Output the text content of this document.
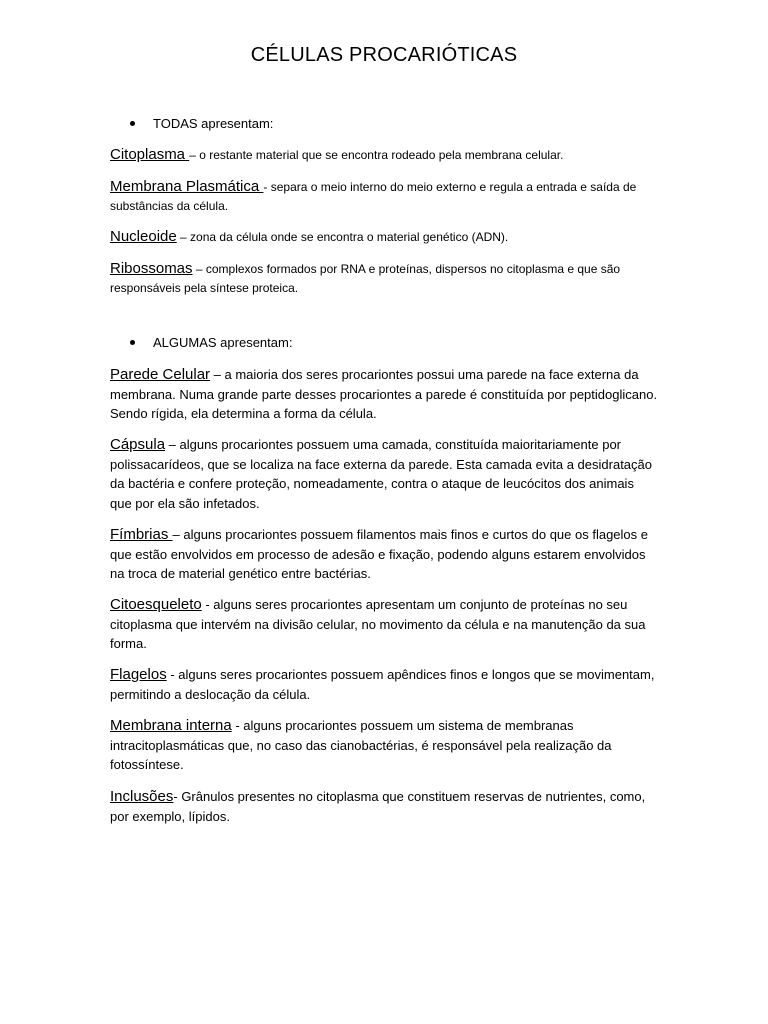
CÉLULAS PROCARIÓTICAS
TODAS apresentam:
Citoplasma – o restante material que se encontra rodeado pela membrana celular.
Membrana Plasmática - separa o meio interno do meio externo e regula a entrada e saída de substâncias da célula.
Nucleoide – zona da célula onde se encontra o material genético (ADN).
Ribossomas – complexos formados por RNA e proteínas, dispersos no citoplasma e que são responsáveis pela síntese proteica.
ALGUMAS apresentam:
Parede Celular – a maioria dos seres procariontes possui uma parede na face externa da membrana. Numa grande parte desses procariontes a parede é constituída por peptidoglicano. Sendo rígida, ela determina a forma da célula.
Cápsula – alguns procariontes possuem uma camada, constituída maioritariamente por polissacarídeos, que se localiza na face externa da parede. Esta camada evita a desidratação da bactéria e confere proteção, nomeadamente, contra o ataque de leucócitos dos animais que por ela são infetados.
Fímbrias – alguns procariontes possuem filamentos mais finos e curtos do que os flagelos e que estão envolvidos em processo de adesão e fixação, podendo alguns estarem envolvidos na troca de material genético entre bactérias.
Citoesqueleto - alguns seres procariontes apresentam um conjunto de proteínas no seu citoplasma que intervém na divisão celular, no movimento da célula e na manutenção da sua forma.
Flagelos - alguns seres procariontes possuem apêndices finos e longos que se movimentam, permitindo a deslocação da célula.
Membrana interna - alguns procariontes possuem um sistema de membranas intracitoplasmáticas que, no caso das cianobactérias, é responsável pela realização da fotossíntese.
Inclusões- Grânulos presentes no citoplasma que constituem reservas de nutrientes, como, por exemplo, lípidos.
